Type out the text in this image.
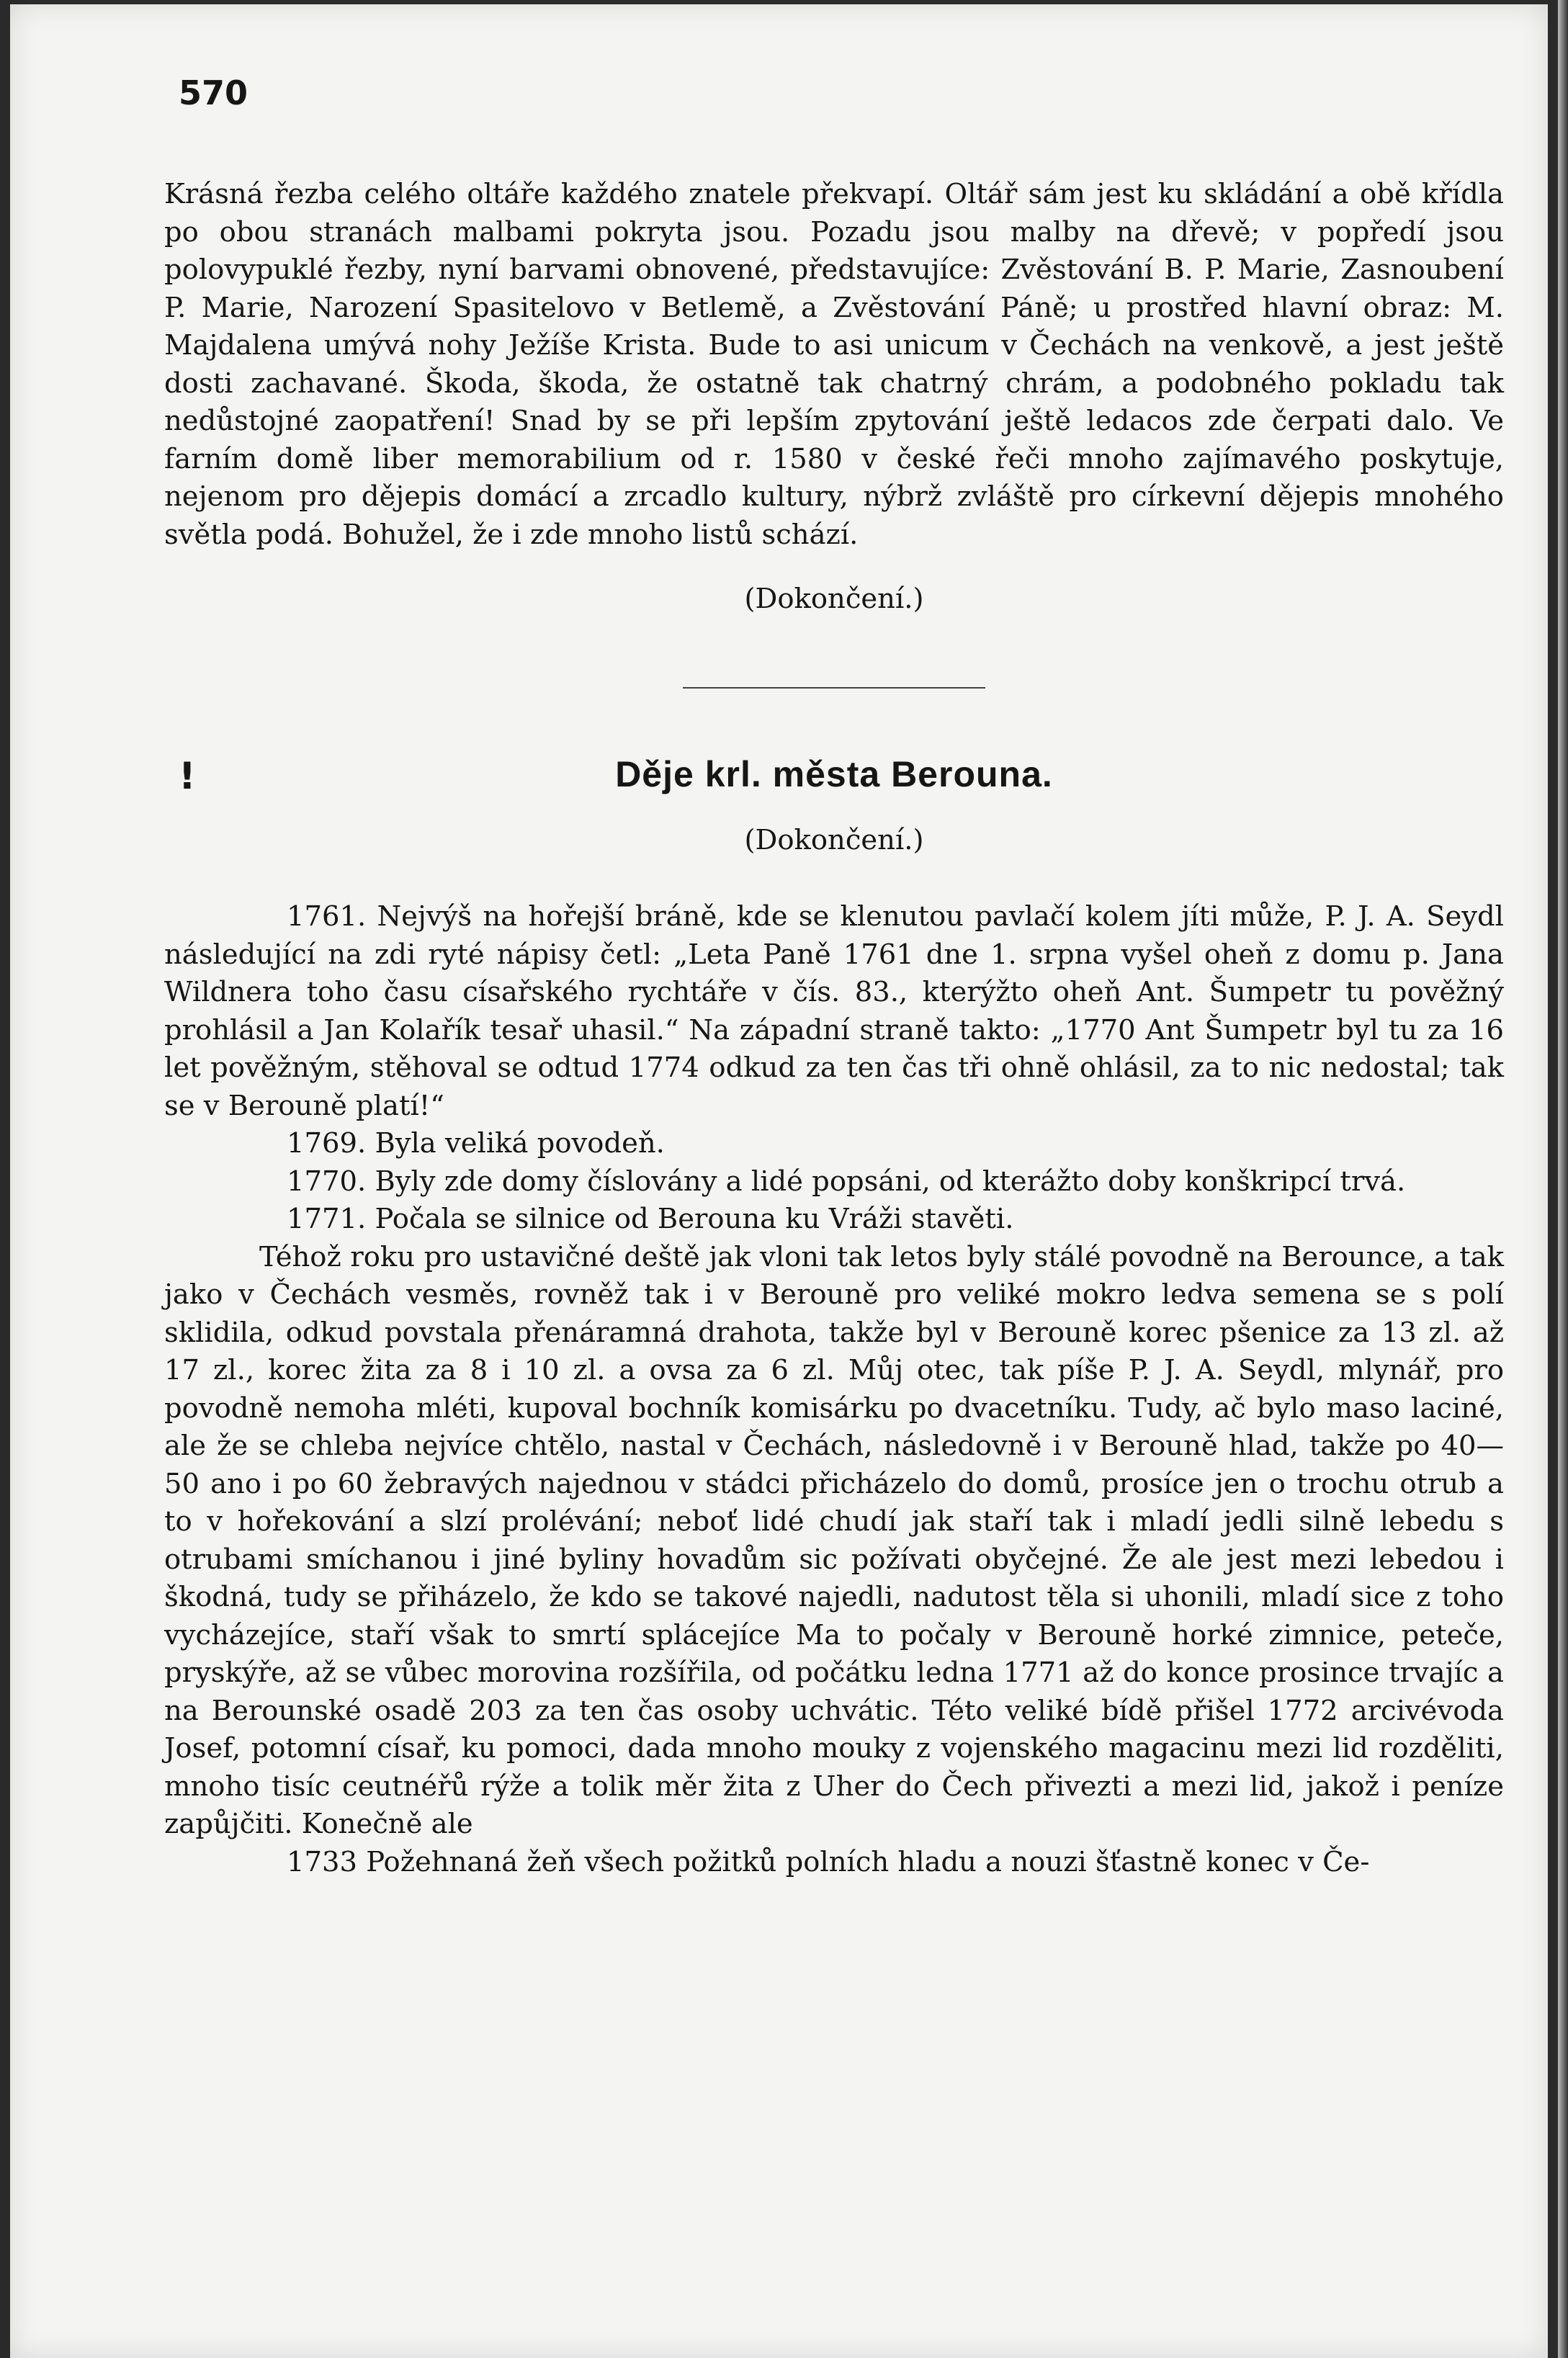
570

Krásná řezba celého oltáře každého znatele překvapí. Oltář sám jest ku skládání a obě křídla po obou stranách malbami pokryta jsou. Pozadu jsou malby na dřevě; v popředí jsou polovypuklé řezby, nyní barvami obnovené, představujíce: Zvěstování B. P. Marie, Zasnoubení P. Marie, Narození Spasitelovo v Betlemě, a Zvěstování Páně; u prostřed hlavní obraz: M. Majdalena umývá nohy Ježíše Krista. Bude to asi unicum v Čechách na venkově, a jest ještě dosti zachavané. Škoda, škoda, že ostatně tak chatrný chrám, a podobného pokladu tak nedůstojné zaopatření! Snad by se při lepším zpytování ještě ledacos zde čerpati dalo. Ve farním domě liber memorabilium od r. 1580 v české řeči mnoho zajímavého poskytuje, nejenom pro dějepis domácí a zrcadlo kultury, nýbrž zvláště pro církevní dějepis mnohého světla podá. Bohužel, že i zde mnoho listů schází.

(Dokončení.)

!	Děje krl. města Berouna.

(Dokončení.)

1761. Nejvýš na hořejší bráně, kde se klenutou pavlačí kolem jíti může, P. J. A. Seydl následující na zdi ryté nápisy četl: „Leta Paně 1761 dne 1. srpna vyšel oheň z domu p. Jana Wildnera toho času císařského rychtáře v čís. 83., kterýžto oheň Ant. Šumpetr tu pověžný prohlásil a Jan Kolařík tesař uhasil.“ Na západní straně takto: „1770 Ant Šumpetr byl tu za 16 let pověžným, stěhoval se odtud 1774 odkud za ten čas tři ohně ohlásil, za to nic nedostal; tak se v Berouně platí!“

1769. Byla veliká povodeň.

1770. Byly zde domy číslovány a lidé popsáni, od kterážto doby konškripcí trvá.

1771. Počala se silnice od Berouna ku Vráži stavěti.

Téhož roku pro ustavičné deště jak vloni tak letos byly stálé povodně na Berounce, a tak jako v Čechách vesměs, rovněž tak i v Berouně pro veliké mokro ledva semena se s polí sklidila, odkud povstala přenáramná drahota, takže byl v Berouně korec pšenice za 13 zl. až 17 zl., korec žita za 8 i 10 zl. a ovsa za 6 zl. Můj otec, tak píše P. J. A. Seydl, mlynář, pro povodně nemoha mléti, kupoval bochník komisárku po dvacetníku. Tudy, ač bylo maso laciné, ale že se chleba nejvíce chtělo, nastal v Čechách, následovně i v Berouně hlad, takže po 40—50 ano i po 60 žebravých najednou v stádci přicházelo do domů, prosíce jen o trochu otrub a to v hořekování a slzí prolévání; neboť lidé chudí jak staří tak i mladí jedli silně lebedu s otrubami smíchanou i jiné byliny hovadům sic požívati obyčejné. Že ale jest mezi lebedou i škodná, tudy se přiházelo, že kdo se takové najedli, nadutost těla si uhonili, mladí sice z toho vycházejíce, staří však to smrtí splácejíce Ma to počaly v Berouně horké zimnice, peteče, pryskýře, až se vůbec morovina rozšířila, od počátku ledna 1771 až do konce prosince trvajíc a na Berounské osadě 203 za ten čas osoby uchvátic. Této veliké bídě přišel 1772 arcivévoda Josef, potomní císař, ku pomoci, dada mnoho mouky z vojenského magacinu mezi lid rozděliti, mnoho tisíc ceutnéřů rýže a tolik měr žita z Uher do Čech přivezti a mezi lid, jakož i peníze zapůjčiti. Konečně ale

1733 Požehnaná žeň všech požitků polních hladu a nouzi šťastně konec v Če-
